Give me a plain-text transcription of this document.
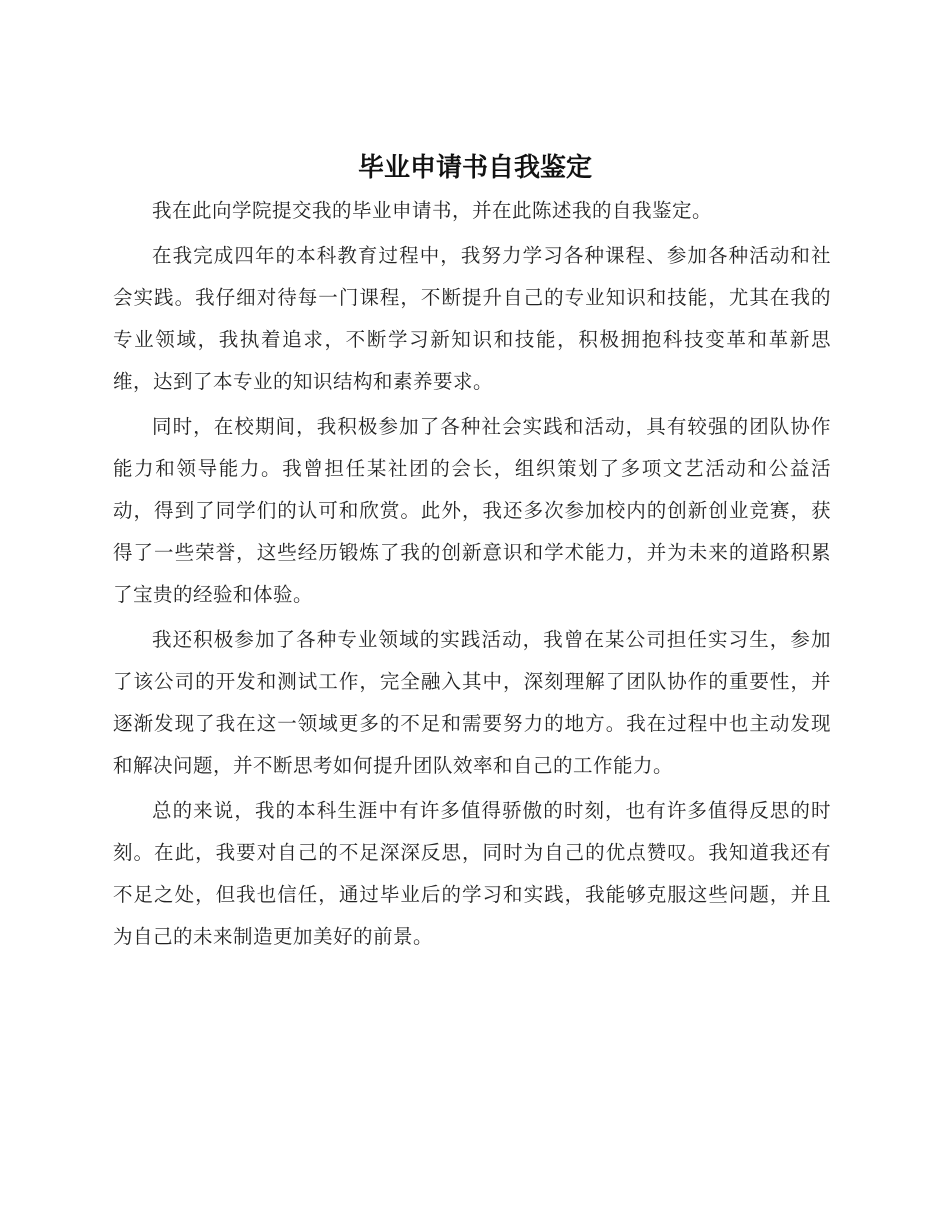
毕业申请书自我鉴定

我在此向学院提交我的毕业申请书，并在此陈述我的自我鉴定。

在我完成四年的本科教育过程中，我努力学习各种课程、参加各种活动和社会实践。我仔细对待每一门课程，不断提升自己的专业知识和技能，尤其在我的专业领域，我执着追求，不断学习新知识和技能，积极拥抱科技变革和革新思维，达到了本专业的知识结构和素养要求。

同时，在校期间，我积极参加了各种社会实践和活动，具有较强的团队协作能力和领导能力。我曾担任某社团的会长，组织策划了多项文艺活动和公益活动，得到了同学们的认可和欣赏。此外，我还多次参加校内的创新创业竞赛，获得了一些荣誉，这些经历锻炼了我的创新意识和学术能力，并为未来的道路积累了宝贵的经验和体验。

我还积极参加了各种专业领域的实践活动，我曾在某公司担任实习生，参加了该公司的开发和测试工作，完全融入其中，深刻理解了团队协作的重要性，并逐渐发现了我在这一领域更多的不足和需要努力的地方。我在过程中也主动发现和解决问题，并不断思考如何提升团队效率和自己的工作能力。

总的来说，我的本科生涯中有许多值得骄傲的时刻，也有许多值得反思的时刻。在此，我要对自己的不足深深反思，同时为自己的优点赞叹。我知道我还有不足之处，但我也信任，通过毕业后的学习和实践，我能够克服这些问题，并且为自己的未来制造更加美好的前景。
